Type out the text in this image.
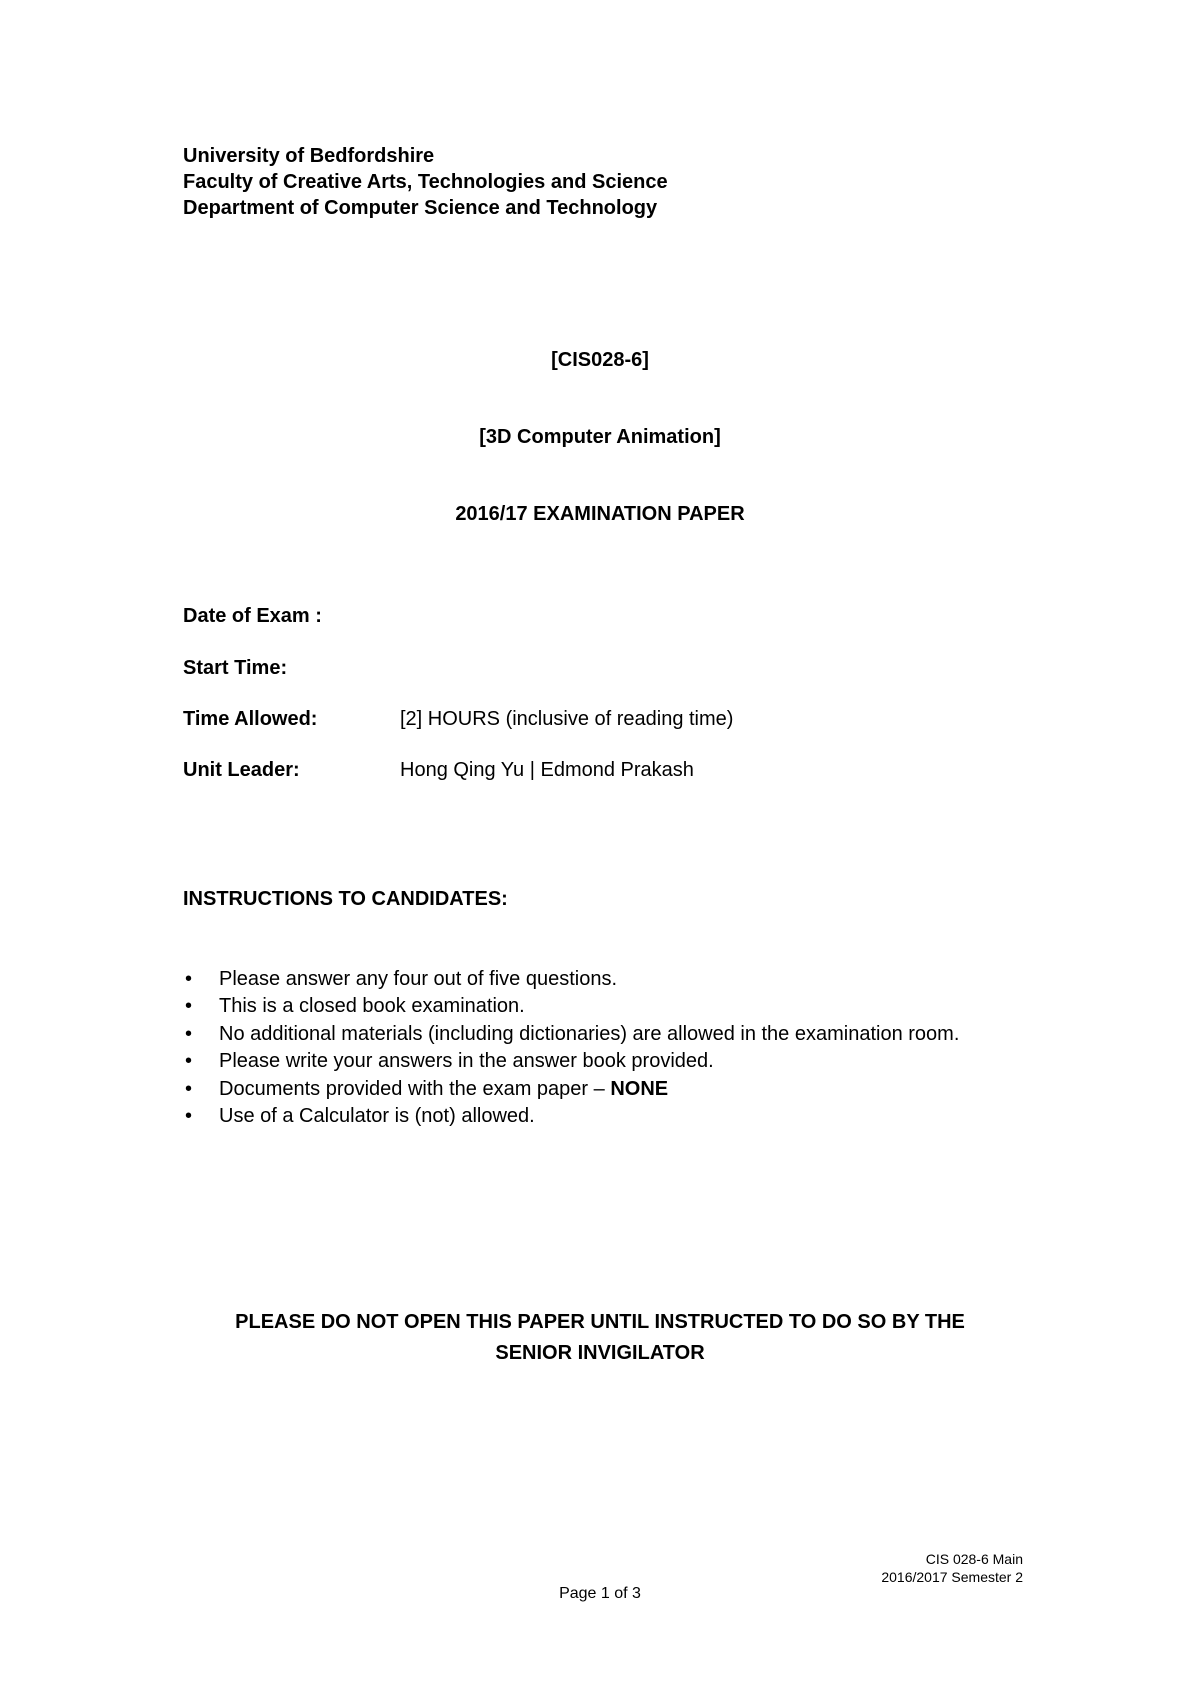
University of Bedfordshire
Faculty of Creative Arts, Technologies and Science
Department of Computer Science and Technology
[CIS028-6]
[3D Computer Animation]
2016/17 EXAMINATION PAPER
Date of Exam :
Start Time:
Time Allowed:	[2] HOURS (inclusive of reading time)
Unit Leader:	Hong Qing Yu | Edmond Prakash
INSTRUCTIONS TO CANDIDATES:
• Please answer any four out of five questions.
• This is a closed book examination.
• No additional materials (including dictionaries) are allowed in the examination room.
• Please write your answers in the answer book provided.
• Documents provided with the exam paper – NONE
• Use of a Calculator is (not) allowed.
PLEASE DO NOT OPEN THIS PAPER UNTIL INSTRUCTED TO DO SO BY THE
SENIOR INVIGILATOR
CIS 028-6 Main
2016/2017 Semester 2
Page 1 of 3
